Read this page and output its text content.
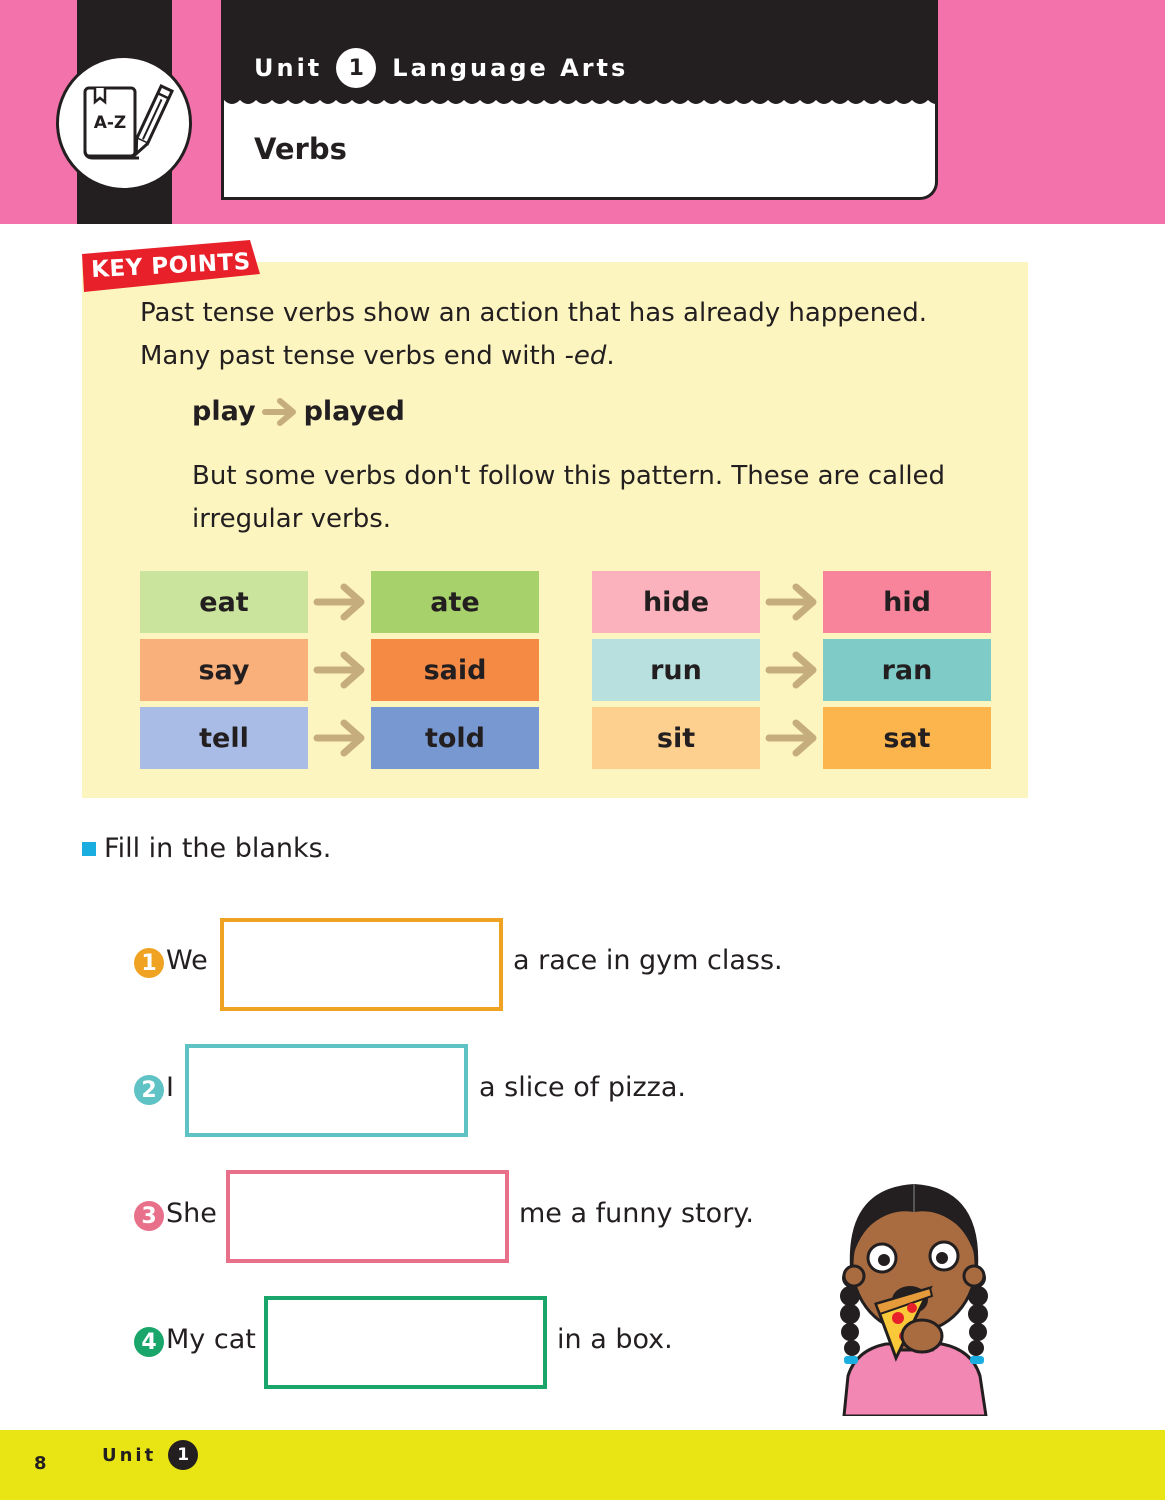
A-Z
Unit	1	Language Arts
Verbs
KEY POINTS
Past tense verbs show an action that has already happened.
Many past tense verbs end with -ed.
play played
But some verbs don't follow this pattern. These are called
irregular verbs.
eat	ate
say	said
tell	told
hide	hid
run	ran
sit	sat
Fill in the blanks.
1 We	a race in gym class.
2 I	a slice of pizza.
3 She	me a funny story.
4 My cat	in a box.
8	Unit	1
